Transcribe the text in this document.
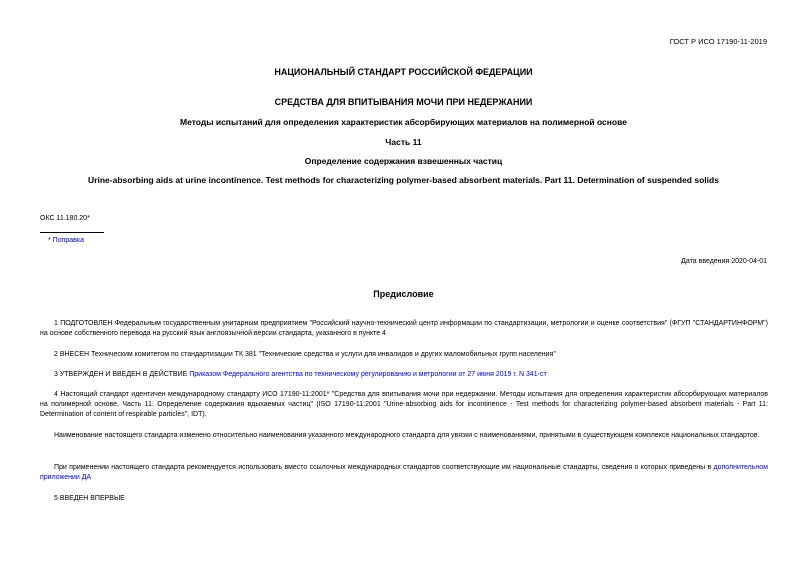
ГОСТ Р ИСО 17190-11-2019
НАЦИОНАЛЬНЫЙ СТАНДАРТ РОССИЙСКОЙ ФЕДЕРАЦИИ
СРЕДСТВА ДЛЯ ВПИТЫВАНИЯ МОЧИ ПРИ НЕДЕРЖАНИИ
Методы испытаний для определения характеристик абсорбирующих материалов на полимерной основе
Часть 11
Определение содержания взвешенных частиц
Urine-absorbing aids at urine incontinence. Test methods for characterizing polymer-based absorbent materials. Part 11. Determination of suspended solids
ОКС 11.180.20*
* Поправка
Дата введения 2020-04-01
Предисловие
1 ПОДГОТОВЛЕН Федеральным государственным унитарным предприятием "Российский научно-технический центр информации по стандартизации, метрологии и оценке соответствия" (ФГУП "СТАНДАРТИНФОРМ") на основе собственного перевода на русский язык англоязычной версии стандарта, указанного в пункте 4
2 ВНЕСЕН Техническим комитетом по стандартизации ТК 381 "Технические средства и услуги для инвалидов и других маломобильных групп населения"
3 УТВЕРЖДЕН И ВВЕДЕН В ДЕЙСТВИЕ Приказом Федерального агентства по техническому регулированию и метрологии от 27 июня 2019 г. N 341-ст
4 Настоящий стандарт идентичен международному стандарту ИСО 17190-11:2001* "Средства для впитывания мочи при недержании. Методы испытания для определения характеристик абсорбирующих материалов на полимерной основе. Часть 11. Определение содержания вдыхаемых частиц" (ISO 17190-11:2001 "Urine-absorbing aids for incontinence - Test methods for characterizing polymer-based absorbent materials - Part 11: Determination of content of respirable particles", IDT).
Наименование настоящего стандарта изменено относительно наименования указанного международного стандарта для увязки с наименованиями, принятыми в существующем комплексе национальных стандартов.
При применении настоящего стандарта рекомендуется использовать вместо ссылочных международных стандартов соответствующие им национальные стандарты, сведения о которых приведены в дополнительном приложении ДА
5 ВВЕДЕН ВПЕРВЫЕ
